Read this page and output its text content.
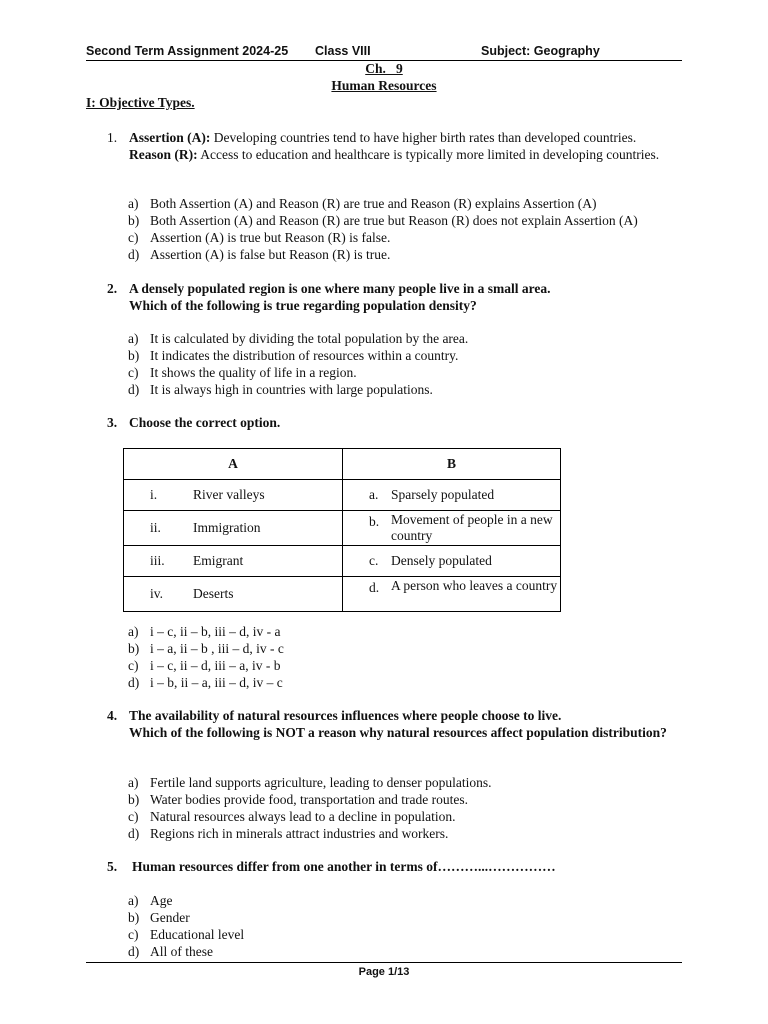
Second Term Assignment 2024-25 Class VIII	Subject: Geography
Ch.   9
Human Resources
I: Objective Types.
1. Assertion (A): Developing countries tend to have higher birth rates than developed countries.
Reason (R): Access to education and healthcare is typically more limited in developing countries.
a) Both Assertion (A) and Reason (R) are true and Reason (R) explains Assertion (A)
b) Both Assertion (A) and Reason (R) are true but Reason (R) does not explain Assertion (A)
c) Assertion (A) is true but Reason (R) is false.
d) Assertion (A) is false but Reason (R) is true.
2. A densely populated region is one where many people live in a small area.
Which of the following is true regarding population density?
a) It is calculated by dividing the total population by the area.
b) It indicates the distribution of resources within a country.
c) It shows the quality of life in a region.
d) It is always high in countries with large populations.
3. Choose the correct option.
A	B

i. River valleys	a. Sparsely populated

ii. Immigration	b. Movement of people in a new country

iii. Emigrant	c. Densely populated

iv. Deserts	d. A person who leaves a country
a) i – c, ii – b, iii – d, iv - a
b) i – a, ii – b , iii – d, iv - c
c) i – c, ii – d, iii – a, iv - b
d) i – b, ii – a, iii – d, iv – c
4. The availability of natural resources influences where people choose to live.
Which of the following is NOT a reason why natural resources affect population distribution?
a) Fertile land supports agriculture, leading to denser populations.
b) Water bodies provide food, transportation and trade routes.
c) Natural resources always lead to a decline in population.
d) Regions rich in minerals attract industries and workers.
5. Human resources differ from one another in terms of………...……………
a) Age
b) Gender
c) Educational level
d) All of these
Page 1/13
